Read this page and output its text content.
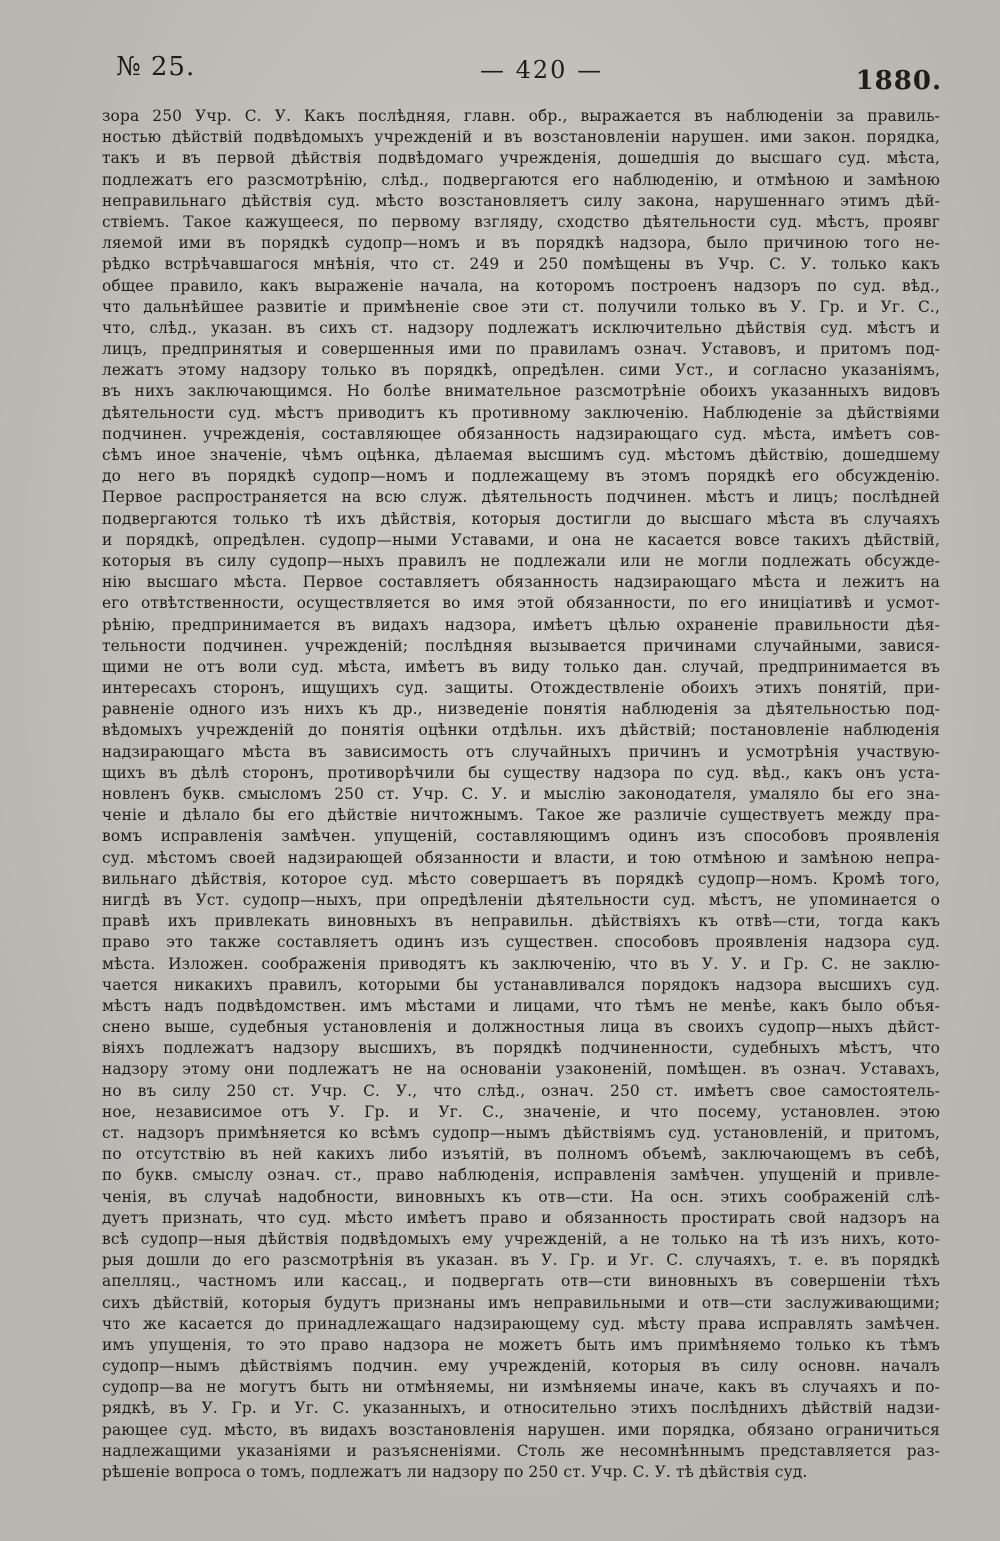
№ 25.	— 420 —	1880.
зора 250 Учр. С. У. Какъ послѣдняя, главн. обр., выражается въ наблюденіи за правиль-
ностью дѣйствій подвѣдомыхъ учрежденій и въ возстановленіи нарушен. ими закон. порядка,
такъ и въ первой дѣйствія подвѣдомаго учрежденія, дошедшія до высшаго суд. мѣста,
подлежатъ его разсмотрѣнію, слѣд., подвергаются его наблюденію, и отмѣною и замѣною
неправильнаго дѣйствія суд. мѣсто возстановляетъ силу закона, нарушеннаго этимъ дѣй-
ствіемъ. Такое кажущееся, по первому взгляду, сходство дѣятельности суд. мѣстъ, проявг
ляемой ими въ порядкѣ судопр—номъ и въ порядкѣ надзора, было причиною того не-
рѣдко встрѣчавшагося мнѣнія, что ст. 249 и 250 помѣщены въ Учр. С. У. только какъ
общее правило, какъ выраженіе начала, на которомъ построенъ надзоръ по суд. вѣд.,
что дальнѣйшее развитіе и примѣненіе свое эти ст. получили только въ У. Гр. и Уг. С.,
что, слѣд., указан. въ сихъ ст. надзору подлежатъ исключительно дѣйствія суд. мѣстъ и
лицъ, предпринятыя и совершенныя ими по правиламъ означ. Уставовъ, и притомъ под-
лежатъ этому надзору только въ порядкѣ, опредѣлен. сими Уст., и согласно указаніямъ,
въ нихъ заключающимся. Но болѣе внимательное разсмотрѣніе обоихъ указанныхъ видовъ
дѣятельности суд. мѣстъ приводитъ къ противному заключенію. Наблюденіе за дѣйствіями
подчинен. учрежденія, составляющее обязанность надзирающаго суд. мѣста, имѣетъ сов-
сѣмъ иное значеніе, чѣмъ оцѣнка, дѣлаемая высшимъ суд. мѣстомъ дѣйствію, дошедшему
до него въ порядкѣ судопр—номъ и подлежащему въ этомъ порядкѣ его обсужденію.
Первое распространяется на всю служ. дѣятельность подчинен. мѣстъ и лицъ; послѣдней
подвергаются только тѣ ихъ дѣйствія, которыя достигли до высшаго мѣста въ случаяхъ
и порядкѣ, опредѣлен. судопр—ными Уставами, и она не касается вовсе такихъ дѣйствій,
которыя въ силу судопр—ныхъ правилъ не подлежали или не могли подлежать обсужде-
нію высшаго мѣста. Первое составляетъ обязанность надзирающаго мѣста и лежитъ на
его отвѣтственности, осуществляется во имя этой обязанности, по его иниціативѣ и усмот-
рѣнію, предпринимается въ видахъ надзора, имѣетъ цѣлью охраненіе правильности дѣя-
тельности подчинен. учрежденій; послѣдняя вызывается причинами случайными, завися-
щими не отъ воли суд. мѣста, имѣетъ въ виду только дан. случай, предпринимается въ
интересахъ сторонъ, ищущихъ суд. защиты. Отождествленіе обоихъ этихъ понятій, при-
равненіе одного изъ нихъ къ др., низведеніе понятія наблюденія за дѣятельностью под-
вѣдомыхъ учрежденій до понятія оцѣнки отдѣльн. ихъ дѣйствій; постановленіе наблюденія
надзирающаго мѣста въ зависимость отъ случайныхъ причинъ и усмотрѣнія участвую-
щихъ въ дѣлѣ сторонъ, противорѣчили бы существу надзора по суд. вѣд., какъ онъ уста-
новленъ букв. смысломъ 250 ст. Учр. С. У. и мыслію законодателя, умаляло бы его зна-
ченіе и дѣлало бы его дѣйствіе ничтожнымъ. Такое же различіе существуетъ между пра-
вомъ исправленія замѣчен. упущеній, составляющимъ одинъ изъ способовъ проявленія
суд. мѣстомъ своей надзирающей обязанности и власти, и тою отмѣною и замѣною непра-
вильнаго дѣйствія, которое суд. мѣсто совершаетъ въ порядкѣ судопр—номъ. Кромѣ того,
нигдѣ въ Уст. судопр—ныхъ, при опредѣленіи дѣятельности суд. мѣстъ, не упоминается о
правѣ ихъ привлекать виновныхъ въ неправильн. дѣйствіяхъ къ отвѣ—сти, тогда какъ
право это также составляетъ одинъ изъ существен. способовъ проявленія надзора суд.
мѣста. Изложен. соображенія приводятъ къ заключенію, что въ У. У. и Гр. С. не заклю-
чается никакихъ правилъ, которыми бы устанавливался порядокъ надзора высшихъ суд.
мѣстъ надъ подвѣдомствен. имъ мѣстами и лицами, что тѣмъ не менѣе, какъ было объя-
снено выше, судебныя установленія и должностныя лица въ своихъ судопр—ныхъ дѣйст-
віяхъ подлежатъ надзору высшихъ, въ порядкѣ подчиненности, судебныхъ мѣстъ, что
надзору этому они подлежатъ не на основаніи узаконеній, помѣщен. въ означ. Уставахъ,
но въ силу 250 ст. Учр. С. У., что слѣд., означ. 250 ст. имѣетъ свое самостоятель-
ное, независимое отъ У. Гр. и Уг. С., значеніе, и что посему, установлен. этою
ст. надзоръ примѣняется ко всѣмъ судопр—нымъ дѣйствіямъ суд. установленій, и притомъ,
по отсутствію въ ней какихъ либо изъятій, въ полномъ объемѣ, заключающемъ въ себѣ,
по букв. смыслу означ. ст., право наблюденія, исправленія замѣчен. упущеній и привле-
ченія, въ случаѣ надобности, виновныхъ къ отв—сти. На осн. этихъ соображеній слѣ-
дуетъ признать, что суд. мѣсто имѣетъ право и обязанность простирать свой надзоръ на
всѣ судопр—ныя дѣйствія подвѣдомыхъ ему учрежденій, а не только на тѣ изъ нихъ, кото-
рыя дошли до его разсмотрѣнія въ указан. въ У. Гр. и Уг. С. случаяхъ, т. е. въ порядкѣ
апелляц., частномъ или кассац., и подвергать отв—сти виновныхъ въ совершеніи тѣхъ
сихъ дѣйствій, которыя будутъ признаны имъ неправильными и отв—сти заслуживающими;
что же касается до принадлежащаго надзирающему суд. мѣсту права исправлять замѣчен.
имъ упущенія, то это право надзора не можетъ быть имъ примѣняемо только къ тѣмъ
судопр—нымъ дѣйствіямъ подчин. ему учрежденій, которыя въ силу основн. началъ
судопр—ва не могутъ быть ни отмѣняемы, ни измѣняемы иначе, какъ въ случаяхъ и по-
рядкѣ, въ У. Гр. и Уг. С. указанныхъ, и относительно этихъ послѣднихъ дѣйствій надзи-
рающее суд. мѣсто, въ видахъ возстановленія нарушен. ими порядка, обязано ограничиться
надлежащими указаніями и разъясненіями. Столь же несомнѣннымъ представляется раз-
рѣшеніе вопроса о томъ, подлежатъ ли надзору по 250 ст. Учр. С. У. тѣ дѣйствія суд.
